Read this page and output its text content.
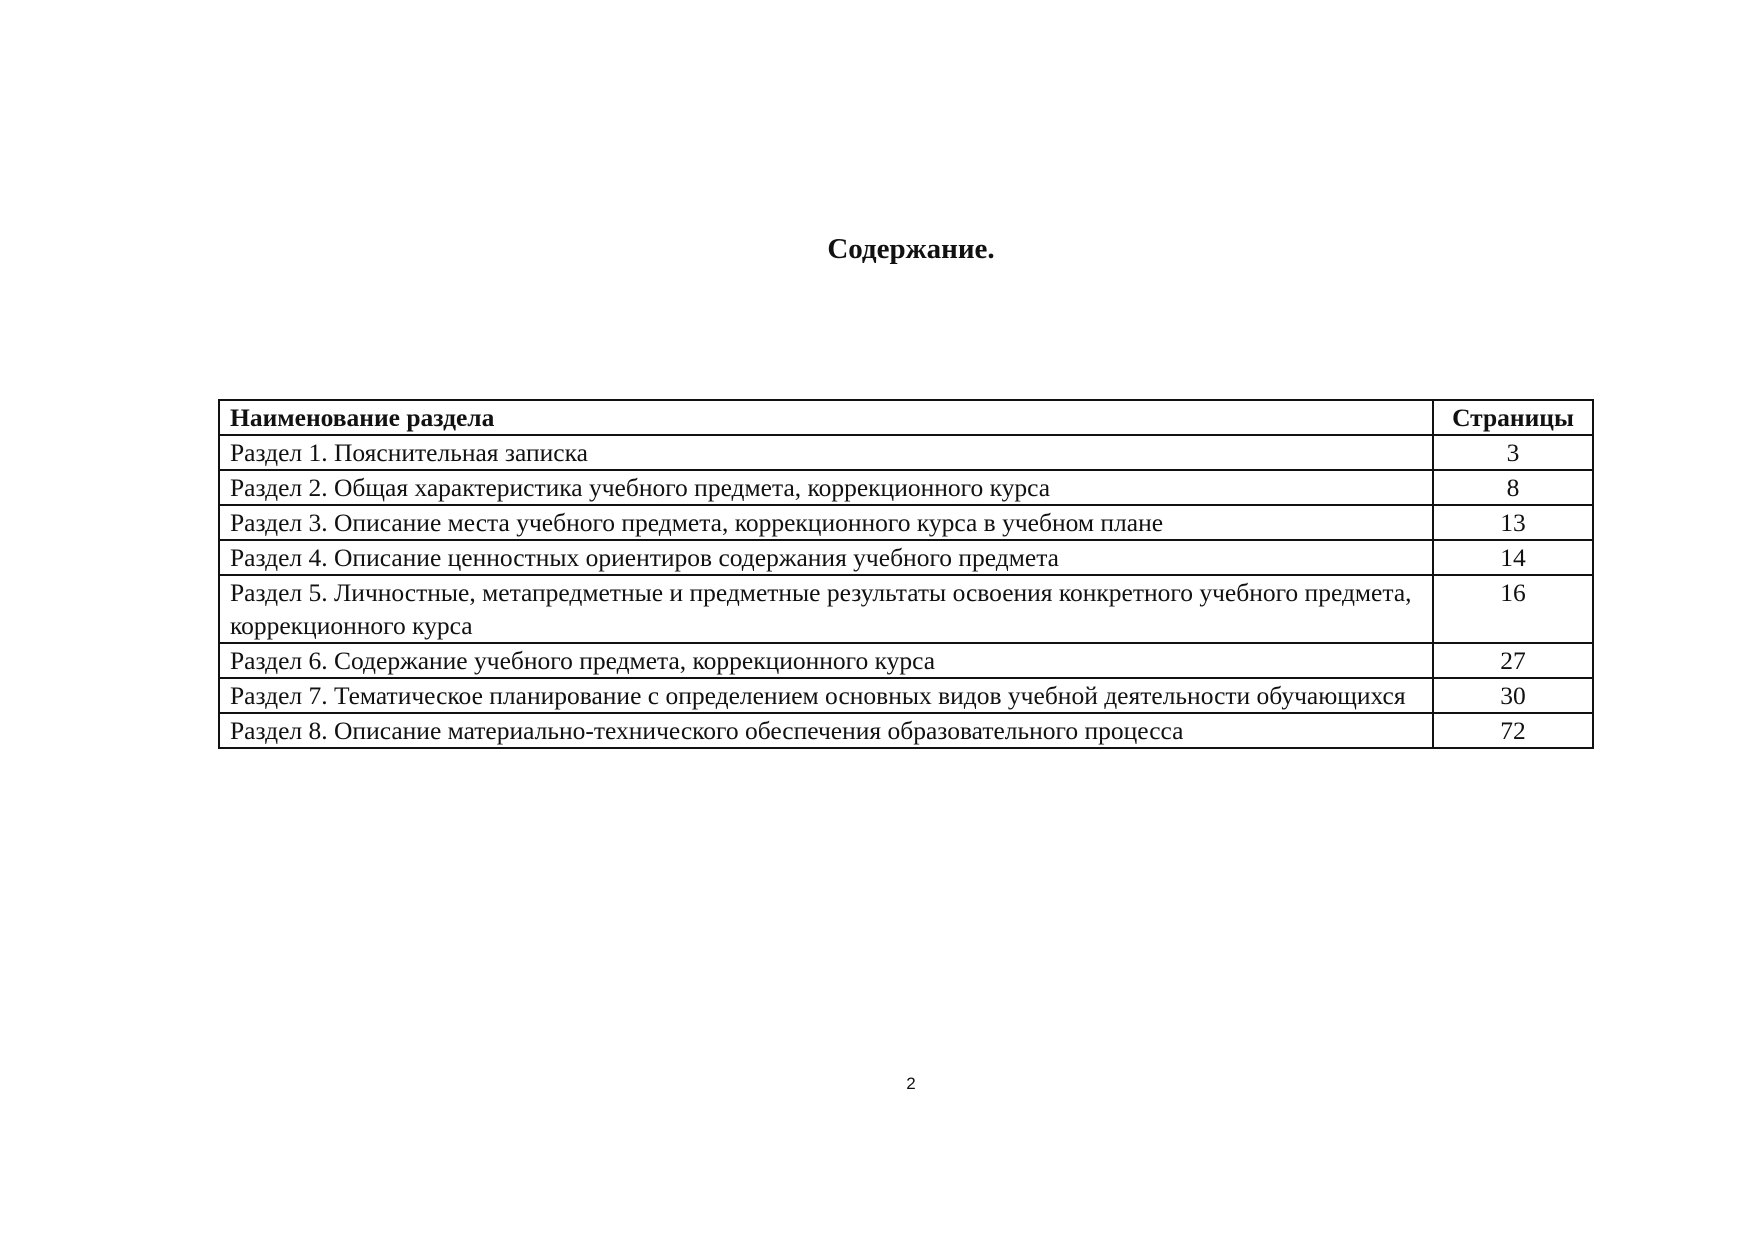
Содержание.
Наименование раздела	Страницы
Раздел 1. Пояснительная записка	3
Раздел 2. Общая характеристика учебного предмета, коррекционного курса	8
Раздел 3. Описание места учебного предмета, коррекционного курса в учебном плане	13
Раздел 4. Описание ценностных ориентиров содержания учебного предмета	14
Раздел 5. Личностные, метапредметные и предметные результаты освоения конкретного учебного предмета, коррекционного курса	16
Раздел 6. Содержание учебного предмета, коррекционного курса	27
Раздел 7. Тематическое планирование с определением основных видов учебной деятельности обучающихся	30
Раздел 8. Описание материально-технического обеспечения образовательного процесса	72
2
